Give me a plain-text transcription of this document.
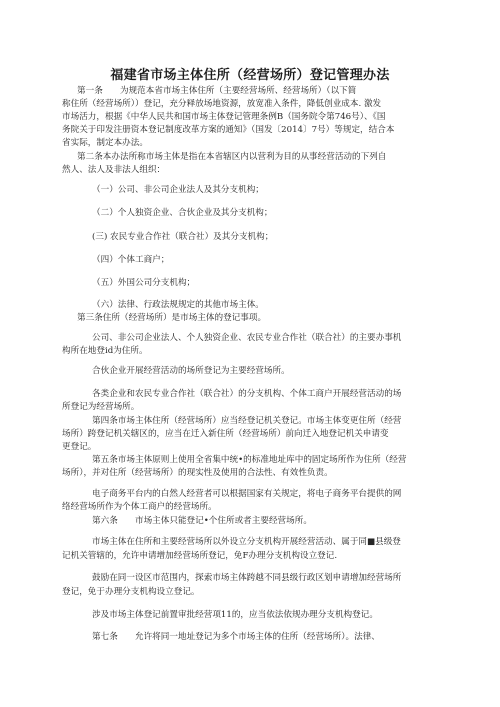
福建省市场主体住所（经营场所）登记管理办法
第一条　　为规范本省市场主体住所（主要经营场所、经营场所）（以下简
称住所（经营场所））登记，充分释放场地资源，放宽准入条件，降低创业成本. 激发
市场活力，根据《中华人民共和国市场主体登记管理条例B（国务院令第746号）、《国
务院关于印发注册资本登记制度改革方案的通知》（国发〔2014〕7号）等规定，结合本
省实际，制定本办法。
第二条本办法所称市场主体是指在本省辖区内以营利为目的从事经营活动的下列自
然人、法人及非法人组织：
（一）公司、非公司企业法人及其分支机构；
（二）个人独资企业、合伙企业及其分支机构；
(三) 农民专业合作社（联合社）及其分支机构；
（四）个体工商户；
（五）外国公司分支机构；
（六）法律、行政法规规定的其他市场主体。
第三条住所（经营场所）是市场主体的登记事项。
公司、非公司企业法人、个人独资企业、农民专业合作社（联合社）的主要办事机
构所在地登id为住所。
合伙企业开展经营活动的场所登记为主要经营场所。
各类企业和农民专业合作社（联合社）的分支机构、个体工商户开展经营活动的场
所登记为经营场所。
第四条市场主体住所（经营场所）应当经登记机关登记。市场主体变更住所（经营
场所）跨登记机关辖区的，应当在迁入新住所（经营场所）前向迁入地登记机关申请变
更登记。
第五条市场主体原则上使用全省集中统•的标准地址库中的固定场所作为住所（经营
场所），并对住所（经营场所）的现实性及使用的合法性、有效性负责。
电子商务平台内的白然人经营者可以根据国家有关规定，将电子商务平台提供的网
络经营场所作为个体工商户的经营场所。
第六条　　市场主体只能登记•个住所或者主要经营场所。
市场主体在住所和主要经营场所以外设立分支机构开展经营活动、属于同■县级登
记机关管辖的，允许申请增加经营场所登记，免F办理分支机构设立登记.
鼓励在同一设区市范围内，探索市场主体跨越不同县级行政区划申请增加经营场所
登记，免于办理分支机构设立登记。
涉及市场主体登记前置审批经营项11的，应当依法依规办理分支机构登记。
第七条　　允许将同一地址登记为多个市场主体的住所（经营场所）。法律、
